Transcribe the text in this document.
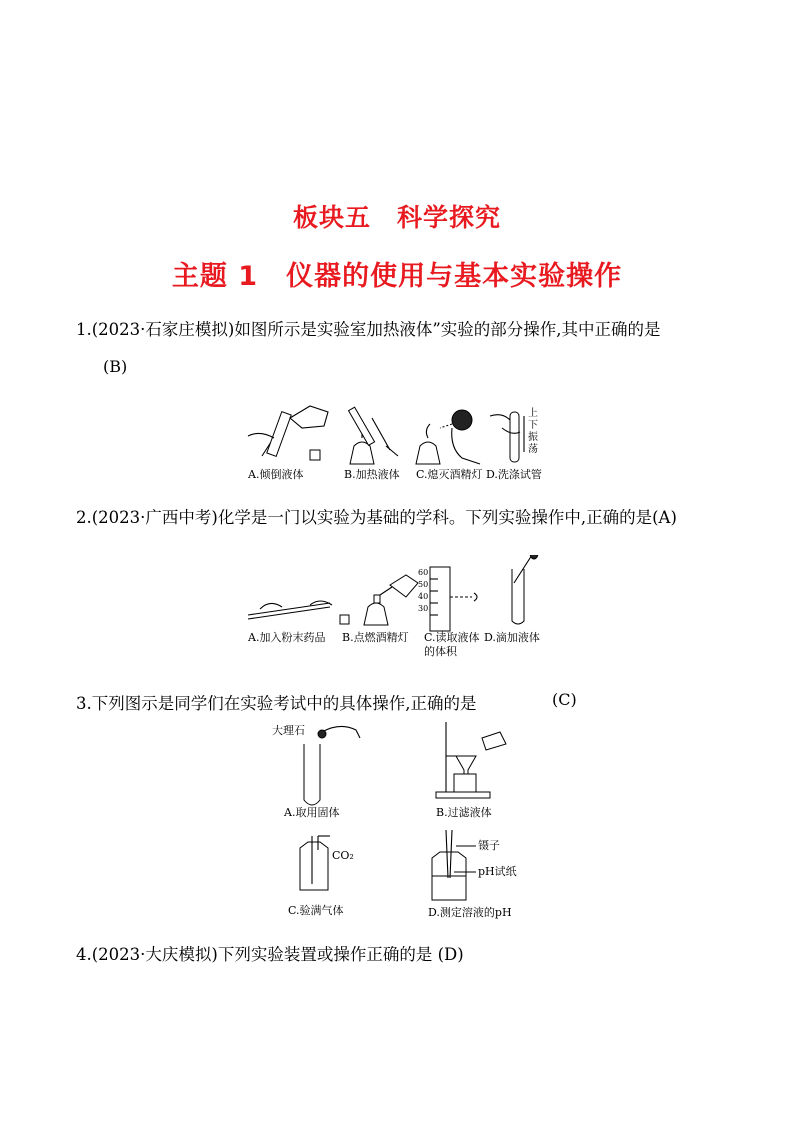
板块五　科学探究
主题 1　仪器的使用与基本实验操作
1.(2023·石家庄模拟)如图所示是实验室加热液体”实验的部分操作,其中正确的是
(B)
A.倾倒液体	B.加热液体 C.熄灭酒精灯
上
下
振
荡
D.洗涤试管
2.(2023·广西中考)化学是一门以实验为基础的学科。下列实验操作中,正确的是(A)
A.加入粉末药品 B.点燃酒精灯
60
50
40
30
C.读取液体
的体积
D.滴加液体
3.下列图示是同学们在实验考试中的具体操作,正确的是	(C)
大理石
A.取用固体	B.过滤液体
CO₂
C.验满气体
镊子
pH试纸
D.测定溶液的pH
4.(2023·大庆模拟)下列实验装置或操作正确的是 (D)
